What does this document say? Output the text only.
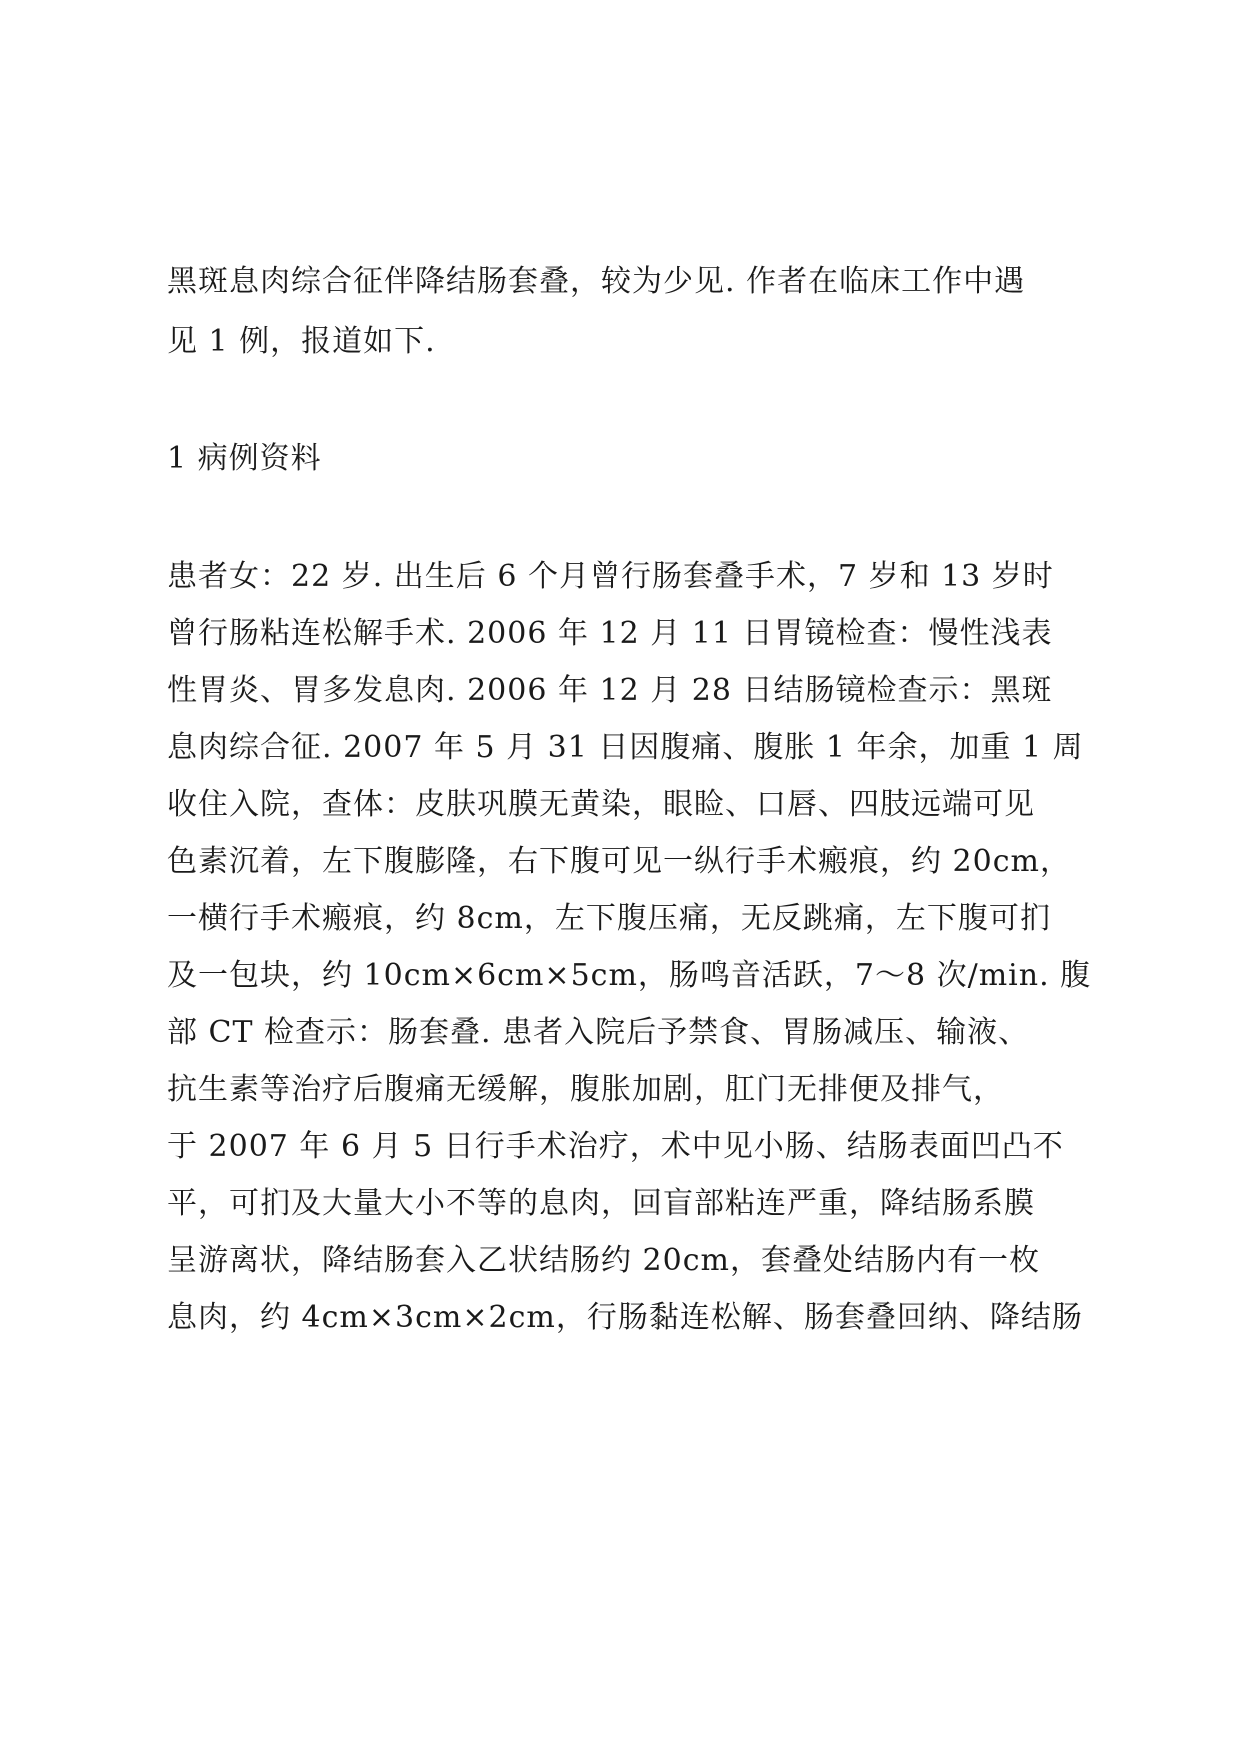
黑斑息肉综合征伴降结肠套叠，较为少见. 作者在临床工作中遇
见 1 例，报道如下.
1 病例资料
患者女：22 岁. 出生后 6 个月曾行肠套叠手术，7 岁和 13 岁时
曾行肠粘连松解手术. 2006 年 12 月 11 日胃镜检查：慢性浅表
性胃炎、胃多发息肉. 2006 年 12 月 28 日结肠镜检查示：黑斑
息肉综合征. 2007 年 5 月 31 日因腹痛、腹胀 1 年余，加重 1 周
收住入院，查体：皮肤巩膜无黄染，眼睑、口唇、四肢远端可见
色素沉着，左下腹膨隆，右下腹可见一纵行手术瘢痕，约 20cm，
一横行手术瘢痕，约 8cm，左下腹压痛，无反跳痛，左下腹可扪
及一包块，约 10cm×6cm×5cm，肠鸣音活跃，7～8 次/min. 腹
部 CT 检查示：肠套叠. 患者入院后予禁食、胃肠减压、输液、
抗生素等治疗后腹痛无缓解，腹胀加剧，肛门无排便及排气，
于 2007 年 6 月 5 日行手术治疗，术中见小肠、结肠表面凹凸不
平，可扪及大量大小不等的息肉，回盲部粘连严重，降结肠系膜
呈游离状，降结肠套入乙状结肠约 20cm，套叠处结肠内有一枚
息肉，约 4cm×3cm×2cm，行肠黏连松解、肠套叠回纳、降结肠
